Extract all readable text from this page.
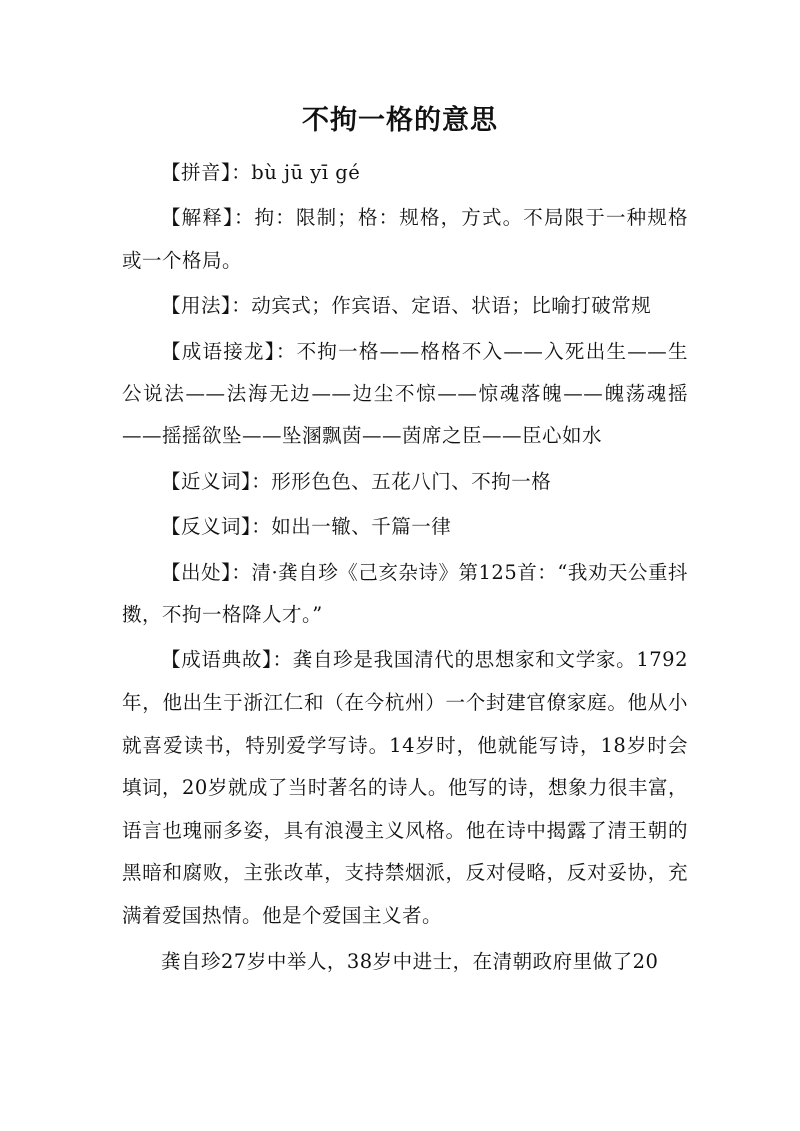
不拘一格的意思

【拼音】：bù jū yī gé

【解释】：拘：限制；格：规格，方式。不局限于一种规格或一个格局。

【用法】：动宾式；作宾语、定语、状语；比喻打破常规

【成语接龙】：不拘一格——格格不入——入死出生——生公说法——法海无边——边尘不惊——惊魂落魄——魄荡魂摇——摇摇欲坠——坠溷飘茵——茵席之臣——臣心如水

【近义词】：形形色色、五花八门、不拘一格

【反义词】：如出一辙、千篇一律

【出处】：清·龚自珍《己亥杂诗》第125首：“我劝天公重抖擞，不拘一格降人才。”

【成语典故】：龚自珍是我国清代的思想家和文学家。1792年，他出生于浙江仁和（在今杭州）一个封建官僚家庭。他从小就喜爱读书，特别爱学写诗。14岁时，他就能写诗，18岁时会填词，20岁就成了当时著名的诗人。他写的诗，想象力很丰富，语言也瑰丽多姿，具有浪漫主义风格。他在诗中揭露了清王朝的黑暗和腐败，主张改革，支持禁烟派，反对侵略，反对妥协，充满着爱国热情。他是个爱国主义者。

龚自珍27岁中举人，38岁中进士，在清朝政府里做了20
